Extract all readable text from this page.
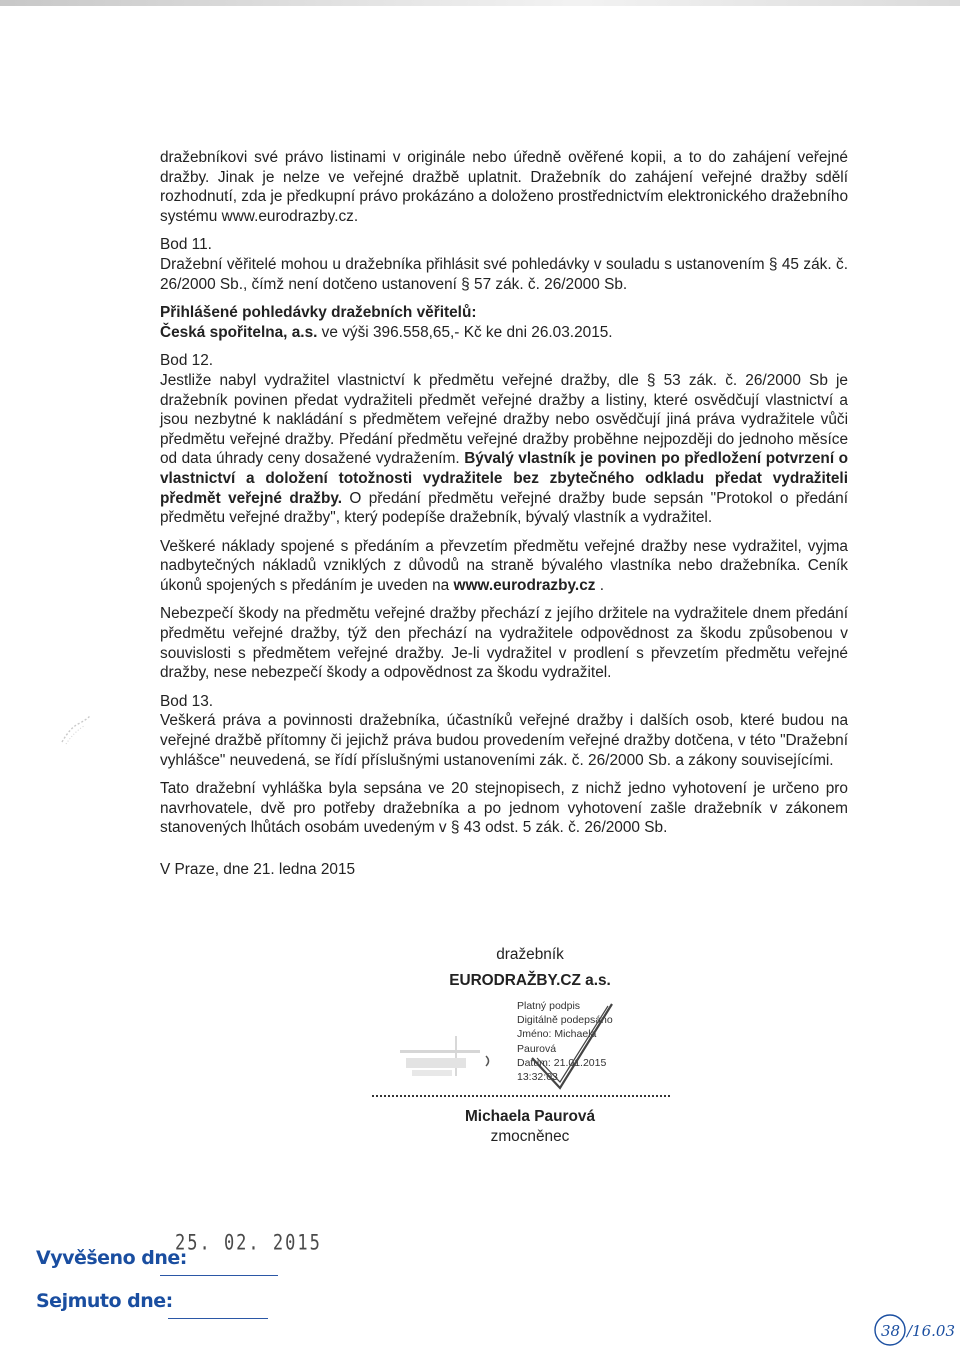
dražebníkovi své právo listinami v originále nebo úředně ověřené kopii, a to do zahájení veřejné dražby. Jinak je nelze ve veřejné dražbě uplatnit. Dražebník do zahájení veřejné dražby sdělí rozhodnutí, zda je předkupní právo prokázáno a doloženo prostřednictvím elektronického dražebního systému www.eurodrazby.cz.

Bod 11.

Dražební věřitelé mohou u dražebníka přihlásit své pohledávky v souladu s ustanovením § 45 zák. č. 26/2000 Sb., čímž není dotčeno ustanovení § 57 zák. č. 26/2000 Sb.

Přihlášené pohledávky dražebních věřitelů:

Česká spořitelna, a.s. ve výši 396.558,65,- Kč ke dni 26.03.2015.

Bod 12.

Jestliže nabyl vydražitel vlastnictví k předmětu veřejné dražby, dle § 53 zák. č. 26/2000 Sb je dražebník povinen předat vydražiteli předmět veřejné dražby a listiny, které osvědčují vlastnictví a jsou nezbytné k nakládání s předmětem veřejné dražby nebo osvědčují jiná práva vydražitele vůči předmětu veřejné dražby. Předání předmětu veřejné dražby proběhne nejpozději do jednoho měsíce od data úhrady ceny dosažené vydražením. Bývalý vlastník je povinen po předložení potvrzení o vlastnictví a doložení totožnosti vydražitele bez zbytečného odkladu předat vydražiteli předmět veřejné dražby. O předání předmětu veřejné dražby bude sepsán "Protokol o předání předmětu veřejné dražby", který podepíše dražebník, bývalý vlastník a vydražitel.

Veškeré náklady spojené s předáním a převzetím předmětu veřejné dražby nese vydražitel, vyjma nadbytečných nákladů vzniklých z důvodů na straně bývalého vlastníka nebo dražebníka. Ceník úkonů spojených s předáním je uveden na www.eurodrazby.cz .

Nebezpečí škody na předmětu veřejné dražby přechází z jejího držitele na vydražitele dnem předání předmětu veřejné dražby, týž den přechází na vydražitele odpovědnost za škodu způsobenou v souvislosti s předmětem veřejné dražby. Je-li vydražitel v prodlení s převzetím předmětu veřejné dražby, nese nebezpečí škody a odpovědnost za škodu vydražitel.

Bod 13.

Veškerá práva a povinnosti dražebníka, účastníků veřejné dražby i dalších osob, které budou na veřejné dražbě přítomny či jejichž práva budou provedením veřejné dražby dotčena, v této "Dražební vyhlášce" neuvedená, se řídí příslušnými ustanoveními zák. č. 26/2000 Sb. a zákony souvisejícími.

Tato dražební vyhláška byla sepsána ve 20 stejnopisech, z nichž jedno vyhotovení je určeno pro navrhovatele, dvě pro potřeby dražebníka a po jednom vyhotovení zašle dražebník v zákonem stanovených lhůtách osobám uvedeným v § 43 odst. 5 zák. č. 26/2000 Sb.

V Praze, dne 21. ledna 2015

dražebník
EURODRAŽBY.CZ a.s.
Platný podpis
Digitálně podepsáno
Jméno: Michaela
Paurová
Datum: 21.01.2015
13:32:03
Michaela Paurová
zmocněnec
Vyvěšeno dne:
25. 02. 2015
Sejmuto dne:
38 /16.03
